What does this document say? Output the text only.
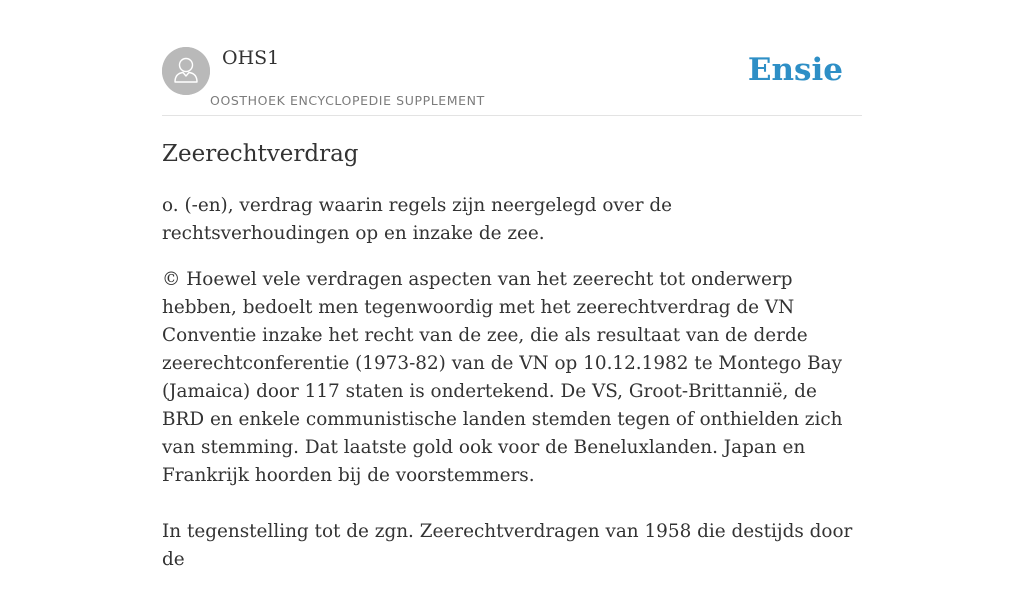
OHS1
OOSTHOEK ENCYCLOPEDIE SUPPLEMENT
Ensie
Zeerechtverdrag

o. (-en), verdrag waarin regels zijn neergelegd over de rechtsverhoudingen op en inzake de zee.

© Hoewel vele verdragen aspecten van het zeerecht tot onderwerp hebben, bedoelt men tegenwoordig met het zeerechtverdrag de VN Conventie inzake het recht van de zee, die als resultaat van de derde zeerechtconferentie (1973-82) van de VN op 10.12.1982 te Montego Bay (Jamaica) door 117 staten is ondertekend. De VS, Groot-Brittannië, de BRD en enkele communistische landen stemden tegen of onthielden zich van stemming. Dat laatste gold ook voor de Beneluxlanden. Japan en Frankrijk hoorden bij de voorstemmers.

In tegenstelling tot de zgn. Zeerechtverdragen van 1958 die destijds door de
